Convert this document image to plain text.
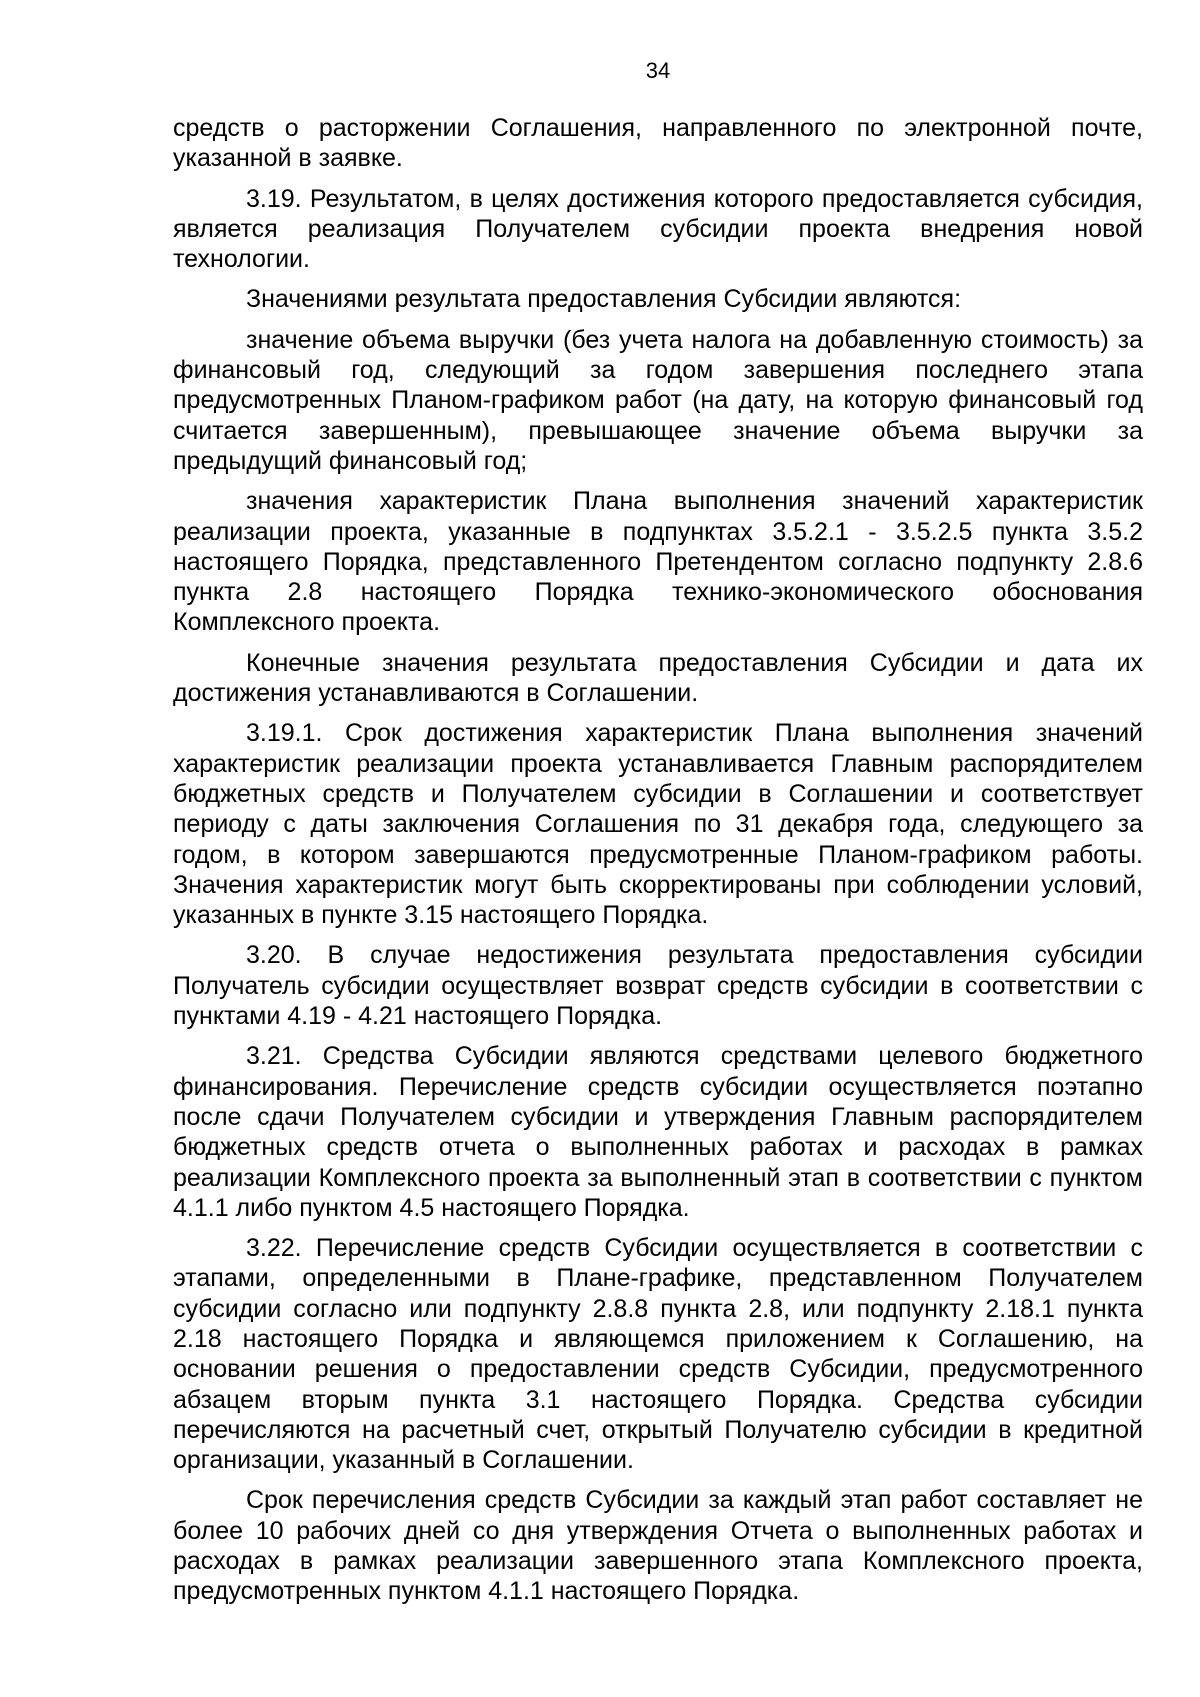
34

средств о расторжении Соглашения, направленного по электронной почте, указанной в заявке.

3.19. Результатом, в целях достижения которого предоставляется субсидия, является реализация Получателем субсидии проекта внедрения новой технологии.

Значениями результата предоставления Субсидии являются:

значение объема выручки (без учета налога на добавленную стоимость) за финансовый год, следующий за годом завершения последнего этапа предусмотренных Планом-графиком работ (на дату, на которую финансовый год считается завершенным), превышающее значение объема выручки за предыдущий финансовый год;

значения характеристик Плана выполнения значений характеристик реализации проекта, указанные в подпунктах 3.5.2.1 - 3.5.2.5 пункта 3.5.2 настоящего Порядка, представленного Претендентом согласно подпункту 2.8.6 пункта 2.8 настоящего Порядка технико-экономического обоснования Комплексного проекта.

Конечные значения результата предоставления Субсидии и дата их достижения устанавливаются в Соглашении.

3.19.1. Срок достижения характеристик Плана выполнения значений характеристик реализации проекта устанавливается Главным распорядителем бюджетных средств и Получателем субсидии в Соглашении и соответствует периоду с даты заключения Соглашения по 31 декабря года, следующего за годом, в котором завершаются предусмотренные Планом-графиком работы. Значения характеристик могут быть скорректированы при соблюдении условий, указанных в пункте 3.15 настоящего Порядка.

3.20. В случае недостижения результата предоставления субсидии Получатель субсидии осуществляет возврат средств субсидии в соответствии с пунктами 4.19 - 4.21 настоящего Порядка.

3.21. Средства Субсидии являются средствами целевого бюджетного финансирования. Перечисление средств субсидии осуществляется поэтапно после сдачи Получателем субсидии и утверждения Главным распорядителем бюджетных средств отчета о выполненных работах и расходах в рамках реализации Комплексного проекта за выполненный этап в соответствии с пунктом 4.1.1 либо пунктом 4.5 настоящего Порядка.

3.22. Перечисление средств Субсидии осуществляется в соответствии с этапами, определенными в Плане-графике, представленном Получателем субсидии согласно или подпункту 2.8.8 пункта 2.8, или подпункту 2.18.1 пункта 2.18 настоящего Порядка и являющемся приложением к Соглашению, на основании решения о предоставлении средств Субсидии, предусмотренного абзацем вторым пункта 3.1 настоящего Порядка. Средства субсидии перечисляются на расчетный счет, открытый Получателю субсидии в кредитной организации, указанный в Соглашении.

Срок перечисления средств Субсидии за каждый этап работ составляет не более 10 рабочих дней со дня утверждения Отчета о выполненных работах и расходах в рамках реализации завершенного этапа Комплексного проекта, предусмотренных пунктом 4.1.1 настоящего Порядка.
